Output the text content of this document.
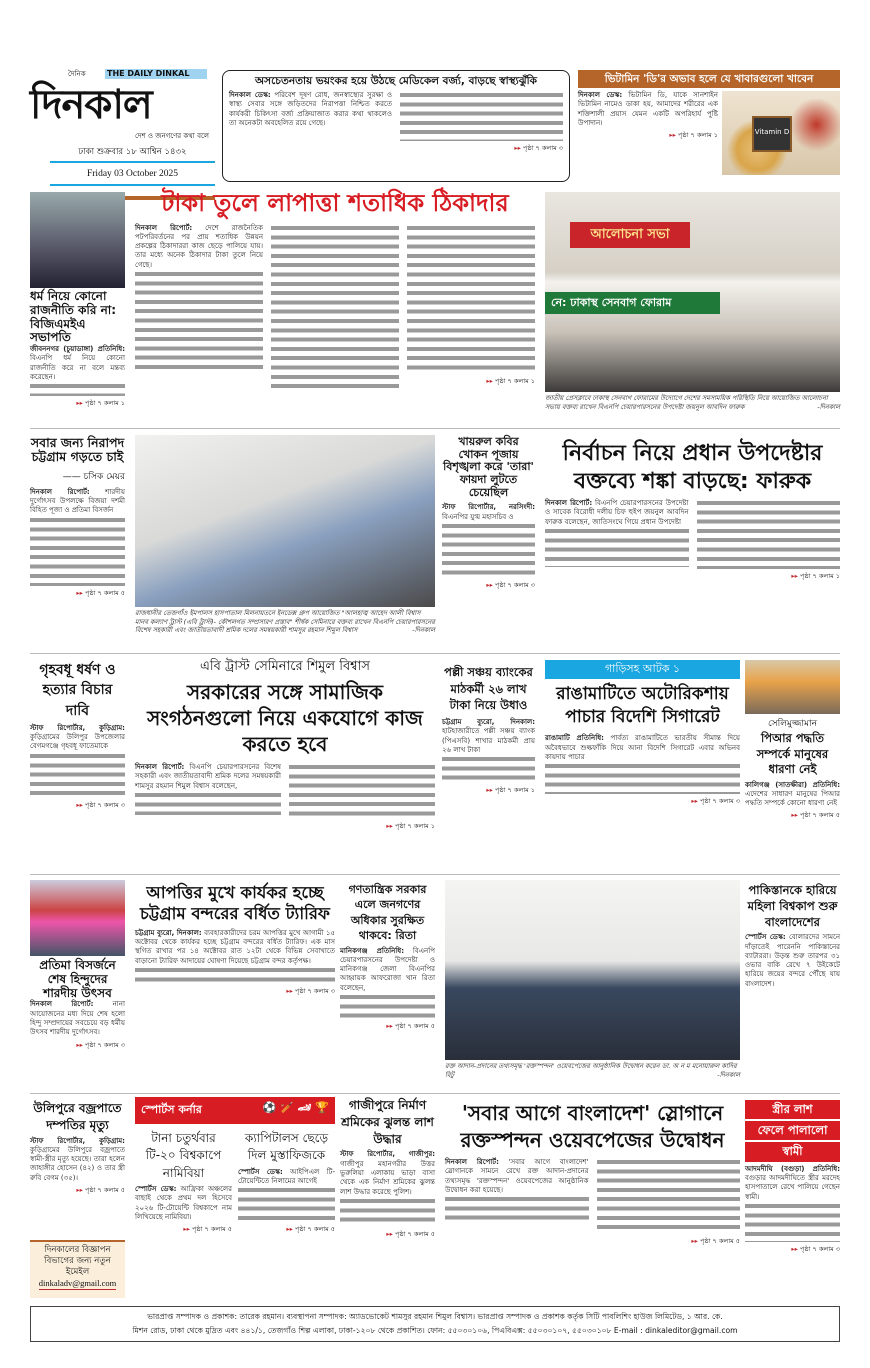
দৈনিক	THE DAILY DINKAL
দিনকাল
দেশ ও জনগণের কথা বলে
ঢাকা শুক্রবার ১৮ আশ্বিন ১৪৩২
Friday 03 October 2025
অসচেতনতায় ভয়ংকর হয়ে উঠছে মেডিকেল বর্জ্য, বাড়ছে স্বাস্থ্যঝুঁকি
দিনকাল ডেস্ক: পরিবেশ দূষণ রোধ, জনস্বাস্থ্যের সুরক্ষা ও স্বাস্থ্য সেবার সঙ্গে জড়িতদের নিরাপত্তা নিশ্চিত করতে কার্যকরী চিকিৎসা বর্জ্য প্রক্রিয়াজাত করার কথা থাকলেও তা অনেকটা অবহেলিত রয়ে গেছে।
▸▸ পৃষ্ঠা ৭ কলাম ৩
ভিটামিন 'ডি'র অভাব হলে যে খাবারগুলো খাবেন
দিনকাল ডেস্ক: ভিটামিন ডি, যাকে সানশাইন ভিটামিন নামেও ডাকা হয়, আমাদের শরীরের এক শক্তিশালী প্রয়াস যেমন একটি অপরিহার্য পুষ্টি উপাদান।
▸▸ পৃষ্ঠা ৭ কলাম ১	Vitamin D
ধর্ম নিয়ে কোনো রাজনীতি করি না: বিজিএমইএ সভাপতি
জীবননগর (চুয়াডাঙ্গা) প্রতিনিধি: বিএনপি ধর্ম নিয়ে কোনো রাজনীতি করে না বলে মন্তব্য করেছেন।
▸▸ পৃষ্ঠা ৭ কলাম ১
টাকা তুলে লাপাত্তা শতাধিক ঠিকাদার
দিনকাল রিপোর্ট: দেশে রাজনৈতিক পটপরিবর্তনের পর প্রায় শতাধিক উন্নয়ন প্রকল্পের ঠিকাদাররা কাজ ছেড়ে পালিয়ে যায়। তার মধ্যে অনেক ঠিকাদার টাকা তুলে নিয়ে গেছে।
▸▸ পৃষ্ঠা ৭ কলাম ১
আলোচনা সভা
নে: ঢাকাস্থ সেনবাগ ফোরাম
জাতীয় প্রেসক্লাবে ঢাকাস্থ সেনবাগ ফোরামের উদ্যোগে দেশের সমসাময়িক পরিস্থিতি নিয়ে আয়োজিত আলোচনা সভায় বক্তব্য রাখেন বিএনপি চেয়ারপারসনের উপদেষ্টা জয়নুল আবদিন ফারুক	-দিনকাল
সবার জন্য নিরাপদ চট্টগ্রাম গড়তে চাই
—— চসিক মেয়র
দিনকাল রিপোর্ট: শারদীয় দুর্গোৎসব উপলক্ষে বিজয়া দশমী বিহিত পূজা ও প্রতিমা বিসর্জন
▸▸ পৃষ্ঠা ৭ কলাম ৫
রাজধানীর তেজগাঁও ইমপালস হাসপাতাল মিলনায়তনে ইনডেক্স গ্রুপ আয়োজিত "আলহাজ্ব আহেদ আলী বিশ্বাস মানব কল্যাণ ট্রাস্ট (এবি ট্রাস্ট)- কৌশলগত সম্প্রসারণ প্রস্তাব" শীর্ষক সেমিনারে বক্তব্য রাখেন বিএনপি চেয়ারপারসনের বিশেষ সহকারী এবং জাতীয়তাবাদী শ্রমিক দলের সমন্বয়কারী শামসুর রহমান শিমুল বিশ্বাস	-দিনকাল
খায়রুল কবির খোকন পূজায় বিশৃঙ্খলা করে 'তারা' ফায়দা লুটতে চেয়েছিল
স্টাফ রিপোর্টার, নরসিংদী: বিএনপির যুগ্ম মহাসচিব ও
▸▸ পৃষ্ঠা ৭ কলাম ৩
নির্বাচন নিয়ে প্রধান উপদেষ্টার বক্তব্যে শঙ্কা বাড়ছে: ফারুক
দিনকাল রিপোর্ট: বিএনপি চেয়ারপারসনের উপদেষ্টা ও সাবেক বিরোধী দলীয় চিফ হুইপ জয়নুল আবদিন ফারুক বলেছেন, জাতিসংঘে গিয়ে প্রধান উপদেষ্টা
▸▸ পৃষ্ঠা ৭ কলাম ১
গৃহবধূ ধর্ষণ ও হত্যার বিচার দাবি
স্টাফ রিপোর্টার, কুড়িগ্রাম: কুড়িগ্রামের উলিপুর উপজেলার বেগমগঞ্জে গৃহবধূ ফাতেমাকে
▸▸ পৃষ্ঠা ৭ কলাম ৩
এবি ট্রাস্ট সেমিনারে শিমুল বিশ্বাস
সরকারের সঙ্গে সামাজিক সংগঠনগুলো নিয়ে একযোগে কাজ করতে হবে
দিনকাল রিপোর্ট: বিএনপি চেয়ারপারসনের বিশেষ সহকারী এবং জাতীয়তাবাদী শ্রমিক দলের সমন্বয়কারী শামসুর রহমান শিমুল বিশ্বাস বলেছেন,
▸▸ পৃষ্ঠা ৭ কলাম ১
পল্লী সঞ্চয় ব্যাংকের মাঠকর্মী ২৬ লাখ টাকা নিয়ে উধাও
চট্টগ্রাম ব্যুরো, দিনকাল: হাটহাজারীতে পল্লী সঞ্চয় ব্যাংক (পিএসবি) শাখার মাঠকর্মী প্রায় ২৬ লাখ টাকা
▸▸ পৃষ্ঠা ৭ কলাম ১
গাড়িসহ আটক ১
রাঙামাটিতে অটোরিকশায় পাচার বিদেশি সিগারেট
রাঙামাটি প্রতিনিধি: পার্বত্য রাঙামাটিতে ভারতীয় সীমান্ত দিয়ে অবৈধভাবে শুল্কফাঁকি দিয়ে আনা বিদেশি সিগারেট এবার অভিনব কায়দায় পাচার
▸▸ পৃষ্ঠা ৭ কলাম ৩
সেলিমুজ্জামান
পিআর পদ্ধতি সম্পর্কে মানুষের ধারণা নেই
কালিগঞ্জ (সাতক্ষীরা) প্রতিনিধি: এদেশের সাধারণ মানুষের পিআর পদ্ধতি সম্পর্কে কোনো ধারণা নেই
▸▸ পৃষ্ঠা ৭ কলাম ৫
প্রতিমা বিসর্জনে শেষ হিন্দুদের শারদীয় উৎসব
দিনকাল রিপোর্ট:	নানা আয়োজনের মধ্য দিয়ে শেষ হলো হিন্দু সম্প্রদায়ের সবচেয়ে বড় ধর্মীয় উৎসব শারদীয় দুর্গোৎসব।
▸▸ পৃষ্ঠা ৭ কলাম ৩
আপত্তির মুখে কার্যকর হচ্ছে চট্টগ্রাম বন্দরের বর্ধিত ট্যারিফ
চট্টগ্রাম ব্যুরো, দিনকাল: ব্যবহারকারীদের চরম আপত্তির মুখে আগামী ১৫ অক্টোবর থেকে কার্যকর হচ্ছে চট্টগ্রাম বন্দরের বর্ধিত ট্যারিফ। এক মাস স্থগিত রাখার পর ১৪ অক্টোবর রাত ১২টা থেকে বিভিন্ন সেবাখাতে বাড়ানো ট্যারিফ আদায়ের ঘোষণা দিয়েছে চট্টগ্রাম বন্দর কর্তৃপক্ষ।
▸▸ পৃষ্ঠা ৭ কলাম ৩
গণতান্ত্রিক সরকার এলে জনগণের অধিকার সুরক্ষিত থাকবে: রিতা
মানিকগঞ্জ প্রতিনিধি: বিএনপি চেয়ারপারসনের উপদেষ্টা ও মানিকগঞ্জ জেলা বিএনপির আহ্বায়ক আফরোজা খান রিতা বলেছেন,
▸▸ পৃষ্ঠা ৭ কলাম ৫
রক্ত আদান-প্রদানের তথ্যসমৃদ্ধ 'রক্তস্পন্দন' ওয়েবপেজের আনুষ্ঠানিক উদ্বোধন করেন ডা. অ ন ম মনোয়ারুল কাদির বিটু	-দিনকাল
পাকিস্তানকে হারিয়ে মহিলা বিশ্বকাপ শুরু বাংলাদেশের
স্পোর্টস ডেস্ক: বোলারদের সামনে দাঁড়াতেই পারেননি পাকিস্তানের ব্যাটাররা। উড়ন্ত শুরু তারপর ৩১ ওভার বাকি রেখে ৭ উইকেটে হারিয়ে জয়ের বন্দরে পৌঁছে যায় বাংলাদেশ।
উলিপুরে বজ্রপাতে দম্পতির মৃত্যু
স্টাফ রিপোর্টার, কুড়িগ্রাম: কুড়িগ্রামের উলিপুরে বজ্রপাতে স্বামী-স্ত্রীর মৃত্যু হয়েছে। তারা হলেন জাহাঙ্গীর হোসেন (৪২) ও তার স্ত্রী রুবি বেগম (৩৫)।
▸▸ পৃষ্ঠা ৭ কলাম ৫
দিনকালের বিজ্ঞাপন
বিভাগের জন্য নতুন
ইমেইল
dinkaladv@gmail.com
স্পোর্টস কর্নার	⚽ 🏏 🏎 🏆
টানা চতুর্থবার টি-২০ বিশ্বকাপে নামিবিয়া
স্পোর্টস ডেস্ক: আফ্রিকা অঞ্চলের বাছাই থেকে প্রথম দল হিসেবে ২০২৬ টি-টোয়েন্টি বিশ্বকাপে নাম লিখিয়েছে নামিবিয়া।
▸▸ পৃষ্ঠা ৭ কলাম ৫
ক্যাপিটালস ছেড়ে দিল মুস্তাফিজকে
স্পোর্টস ডেস্ক: আইপিএল টি-টোয়েন্টিতে নিলামের আগেই
▸▸ পৃষ্ঠা ৭ কলাম ৫
গাজীপুরে নির্মাণ শ্রমিকের ঝুলন্ত লাশ উদ্ধার
স্টাফ রিপোর্টার, গাজীপুর: গাজীপুর মহানগরীর উত্তর ভুরুলিয়া এলাকায় ভাড়া বাসা থেকে এক নির্মাণ শ্রমিকের ঝুলন্ত লাশ উদ্ধার করেছে পুলিশ।
▸▸ পৃষ্ঠা ৭ কলাম ৫
'সবার আগে বাংলাদেশ' স্লোগানে রক্তস্পন্দন ওয়েবপেজের উদ্বোধন
দিনকাল রিপোর্ট: 'সবার আগে বাংলাদেশ' স্লোগানকে সামনে রেখে রক্ত আদান-প্রদানের তথ্যসমৃদ্ধ 'রক্তস্পন্দন' ওয়েবপেজের আনুষ্ঠানিক উদ্বোধন করা হয়েছে।
▸▸ পৃষ্ঠা ৭ কলাম ৫
স্ত্রীর লাশ
ফেলে পালালো
স্বামী
আদমদীঘি (বগুড়া) প্রতিনিধি: বগুড়ার আদমদীঘিতে স্ত্রীর মরদেহ হাসপাতালে রেখে পালিয়ে গেছেন স্বামী।
▸▸ পৃষ্ঠা ৭ কলাম ৩
ভারপ্রাপ্ত সম্পাদক ও প্রকাশক: তারেক রহমান। ব্যবস্থাপনা সম্পাদক: অ্যাডভোকেট শামসুর রহমান শিমুল বিশ্বাস। ভারপ্রাপ্ত সম্পাদক ও প্রকাশক কর্তৃক সিটি পাবলিশিং হাউজ লিমিটেড, ১ আর. কে.
মিশন রোড, ঢাকা থেকে মুদ্রিত এবং ৪৪১/১, তেজগাঁও শিল্প এলাকা, ঢাকা-১২০৮ থেকে প্রকাশিত। ফোন: ৫৫০৩০১০৬, পিএবিএক্স: ৫৫০৩০১০৭, ৫৫০৩০১০৮ E-mail : dinkaleditor@gmail.com
